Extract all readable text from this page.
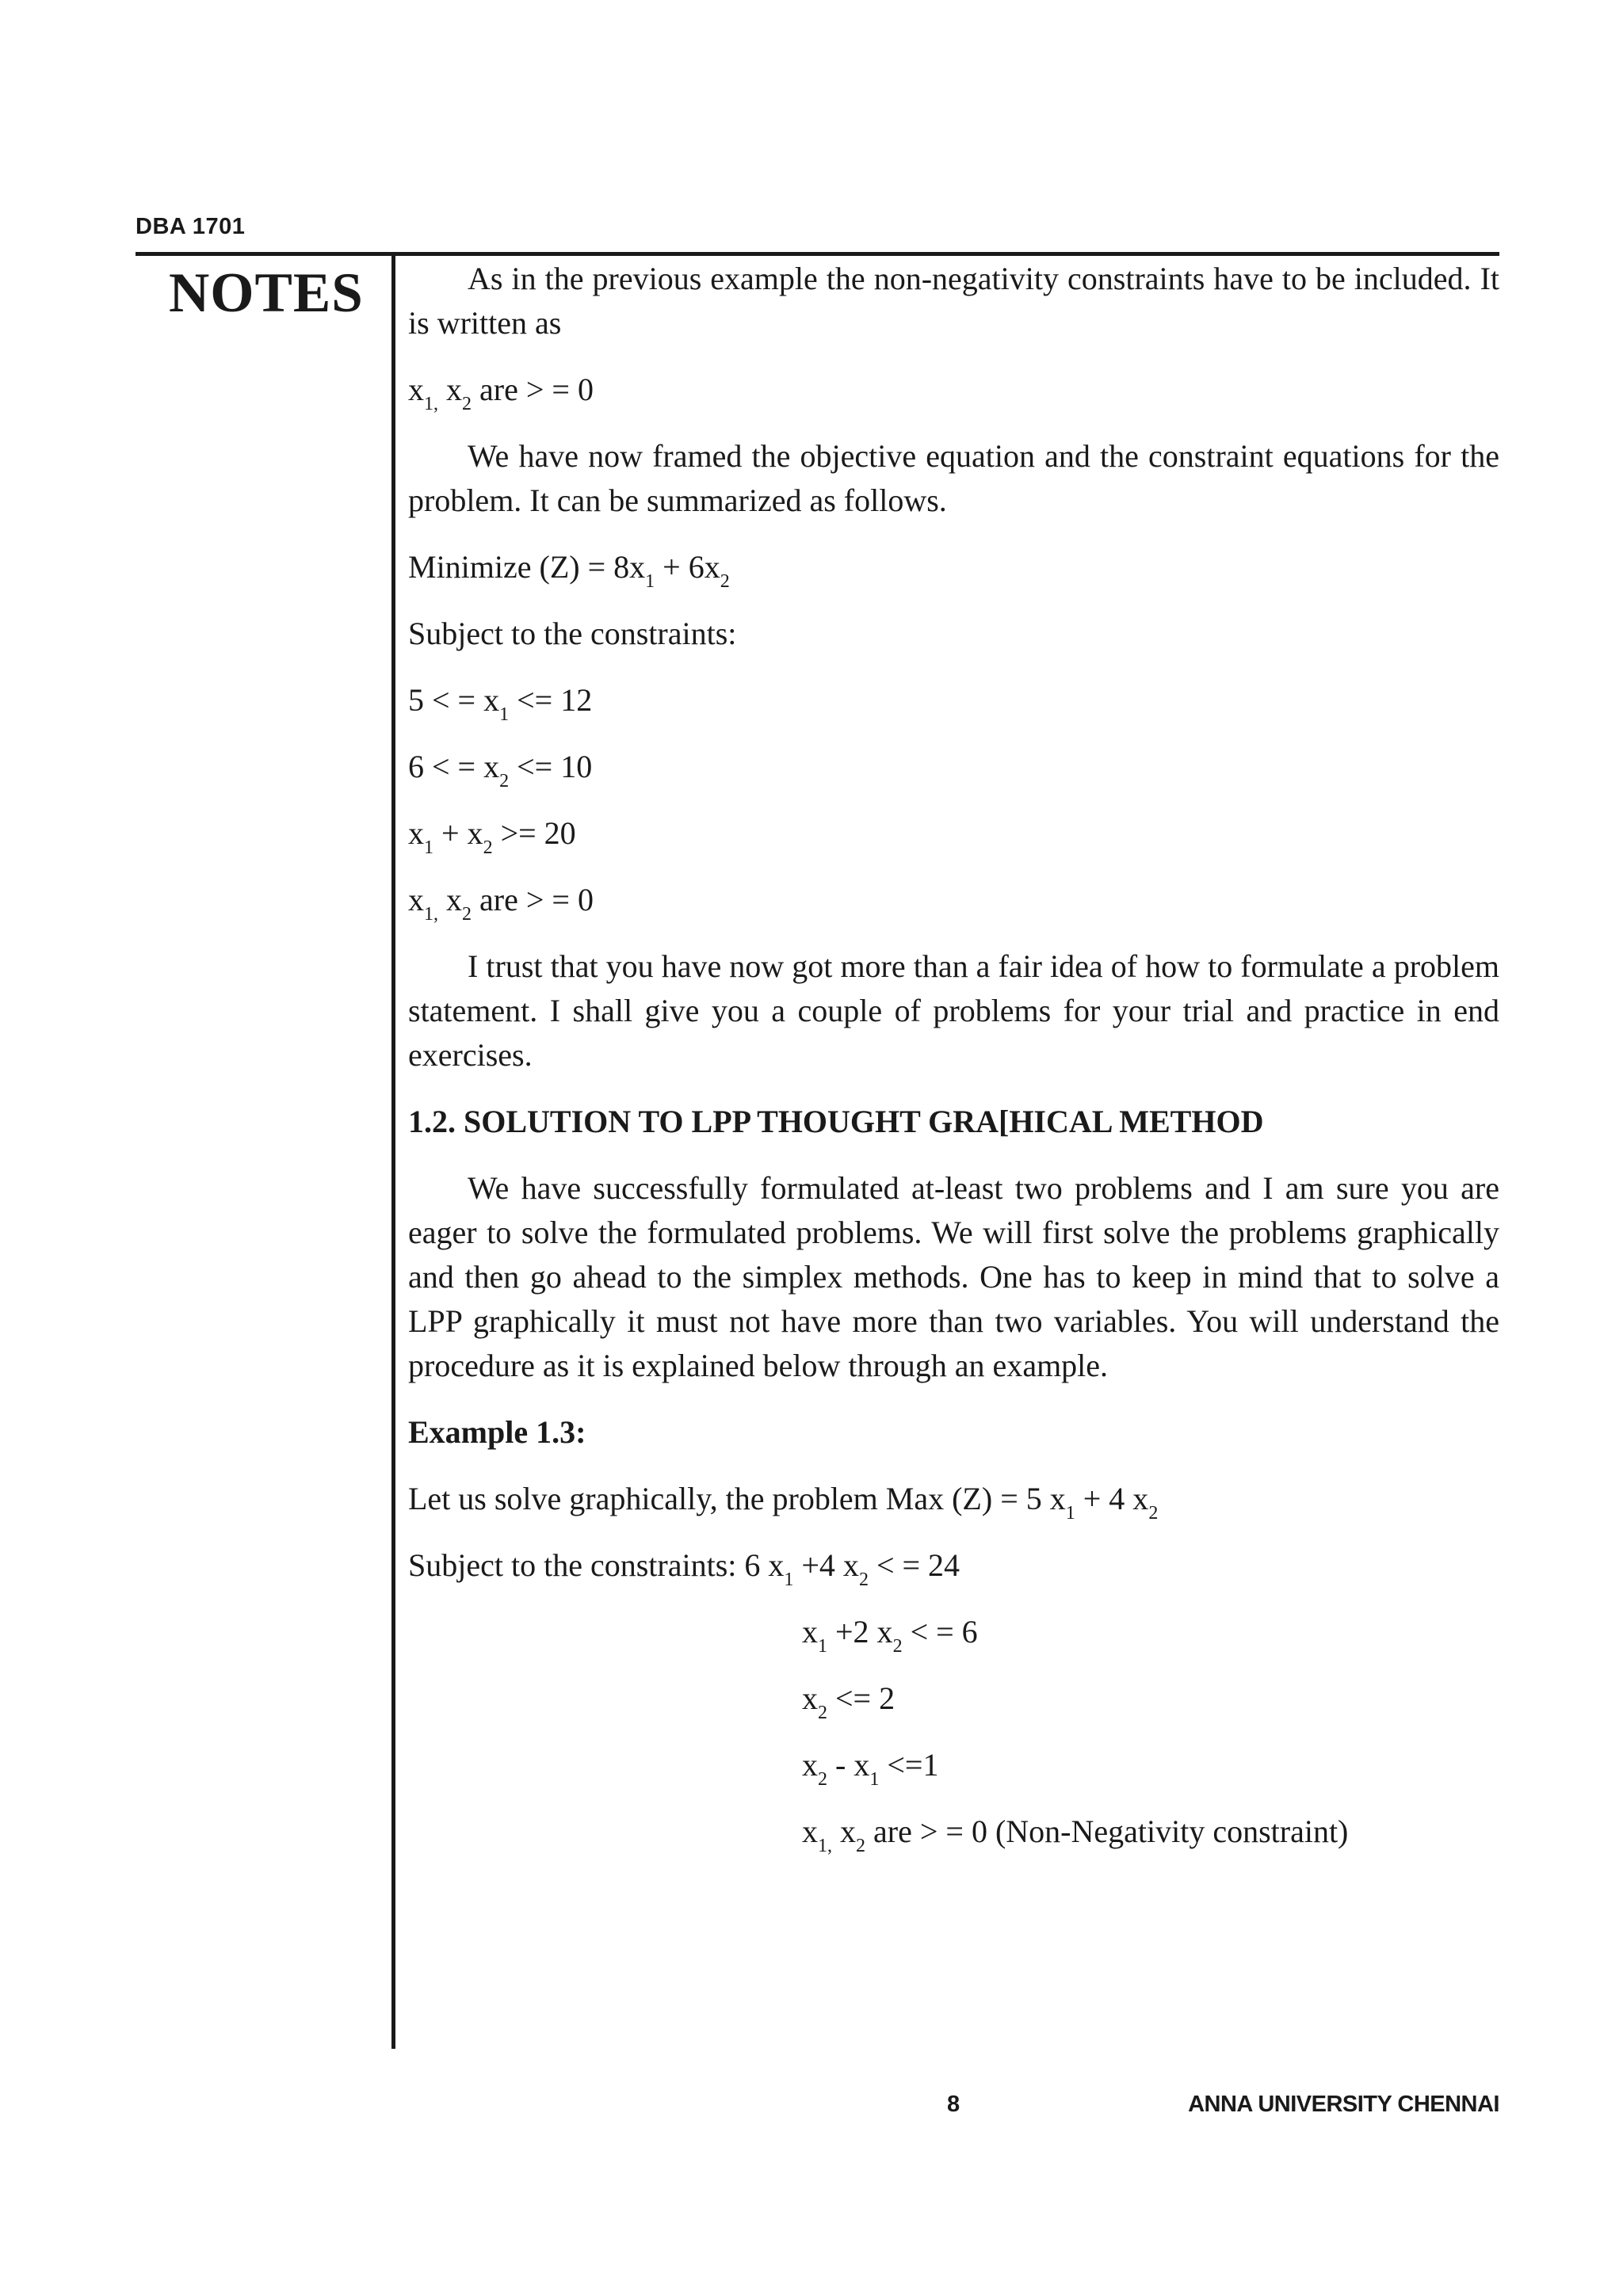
DBA 1701
NOTES	As in the previous example the non-negativity constraints have to be included. It is written as

$x_{1,}$ $x_2$ are > = 0

We have now framed the objective equation and the constraint equations for the problem. It can be summarized as follows.

Minimize $(Z) = 8x_1 + 6x_2$
Subject to the constraints:
5 < = $x_1 <= 12$
6 < = $x_2 <= 10$
$x_1 + x_2 >= 20$
$x_{1,}$ $x_2$ are > = 0

I trust that you have now got more than a fair idea of how to formulate a problem statement. I shall give you a couple of problems for your trial and practice in end exercises.

1.2. SOLUTION TO LPP THOUGHT GRA[HICAL METHOD

We have successfully formulated at-least two problems and I am sure you are eager to solve the formulated problems. We will first solve the problems graphically and then go ahead to the simplex methods. One has to keep in mind that to solve a LPP graphically it must not have more than two variables. You will understand the procedure as it is explained below through an example.

Example 1.3:
Let us solve graphically, the problem Max (Z) = 5 $x_1 + 4$ $x_2$
Subject to the constraints: 6 $x_1 +4$ $x_2$ < = 24
$x_1 +2$ $x_2$ < = 6
$x_2 <= 2$
$x_2 - x_1 <=1$
$x_{1,}$ $x_2$ are > = 0 (Non-Negativity constraint)
8	ANNA UNIVERSITY CHENNAI
